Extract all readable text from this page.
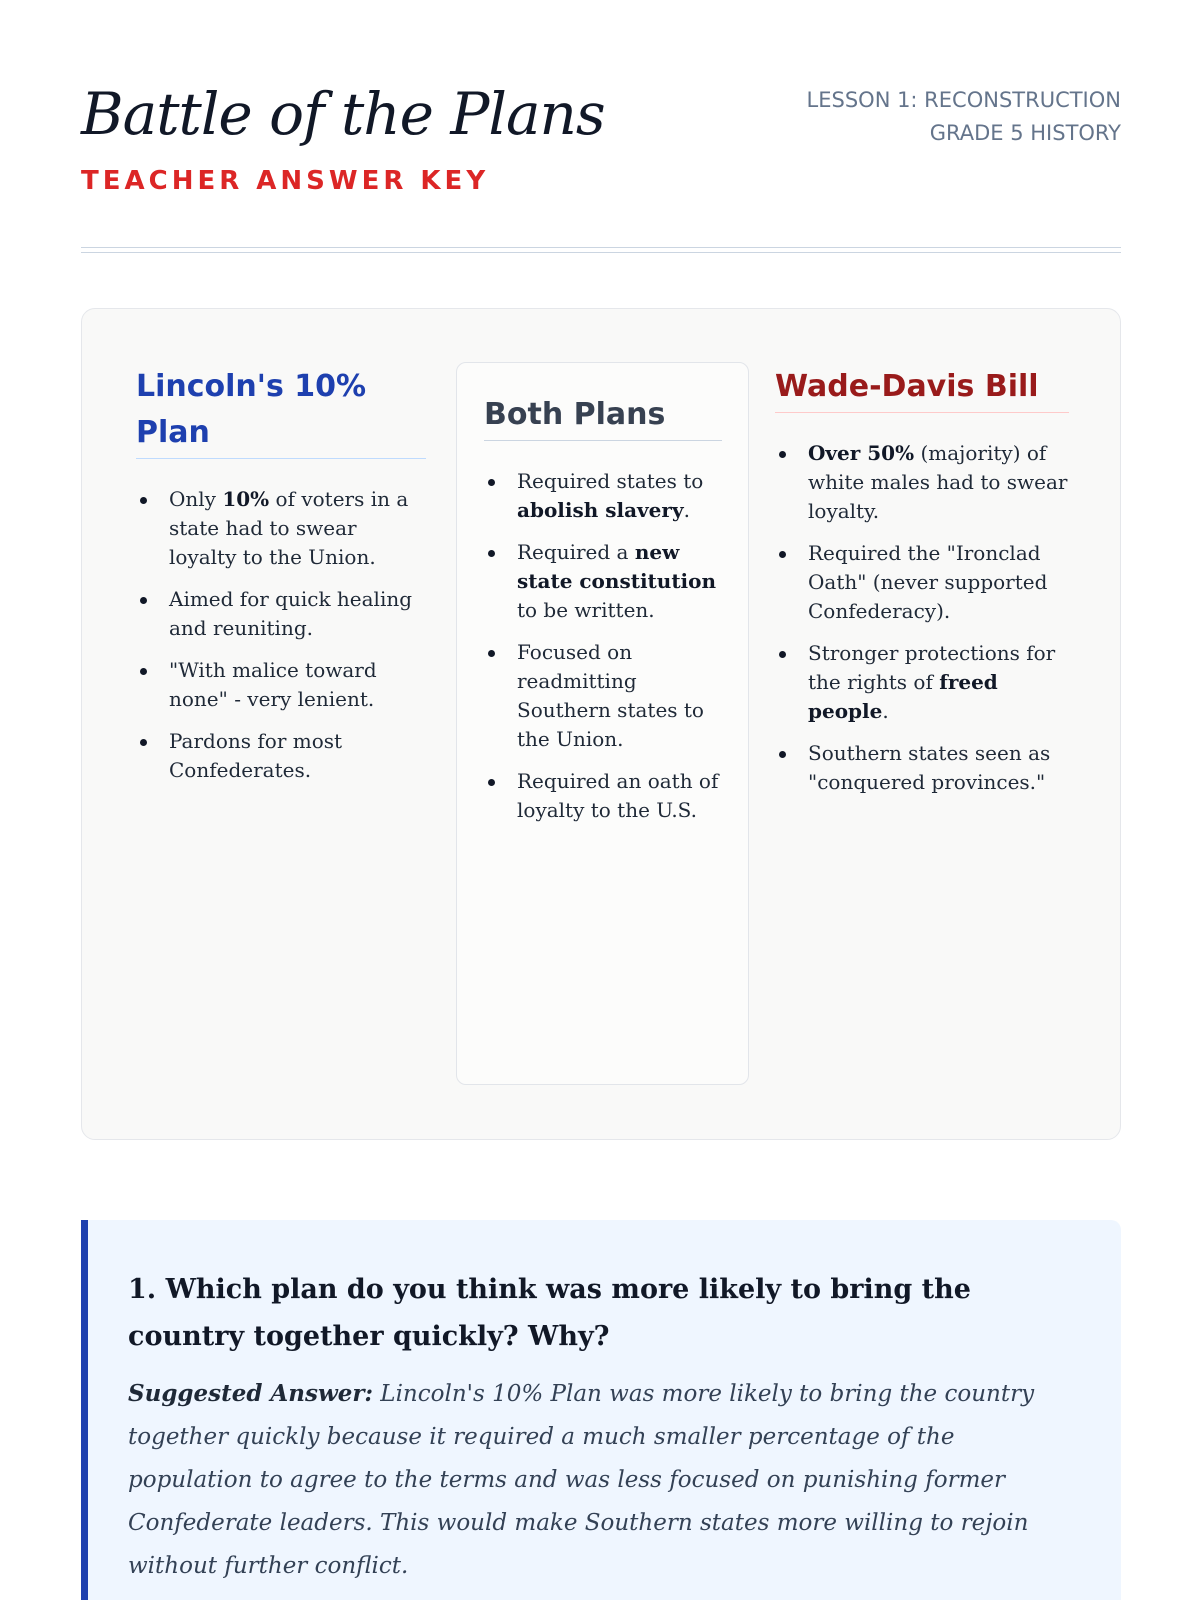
Battle of the Plans
TEACHER ANSWER KEY
LESSON 1: RECONSTRUCTION
GRADE 5 HISTORY
Lincoln's 10% Plan
Only 10% of voters in a state had to swear loyalty to the Union.
Aimed for quick healing and reuniting.
"With malice toward none" - very lenient.
Pardons for most Confederates.
Both Plans
Required states to abolish slavery.
Required a new state constitution to be written.
Focused on readmitting Southern states to the Union.
Required an oath of loyalty to the U.S.
Wade-Davis Bill
Over 50% (majority) of white males had to swear loyalty.
Required the "Ironclad Oath" (never supported Confederacy).
Stronger protections for the rights of freed people.
Southern states seen as "conquered provinces."
1. Which plan do you think was more likely to bring the country together quickly? Why?

Suggested Answer: Lincoln's 10% Plan was more likely to bring the country together quickly because it required a much smaller percentage of the population to agree to the terms and was less focused on punishing former Confederate leaders. This would make Southern states more willing to rejoin without further conflict.
